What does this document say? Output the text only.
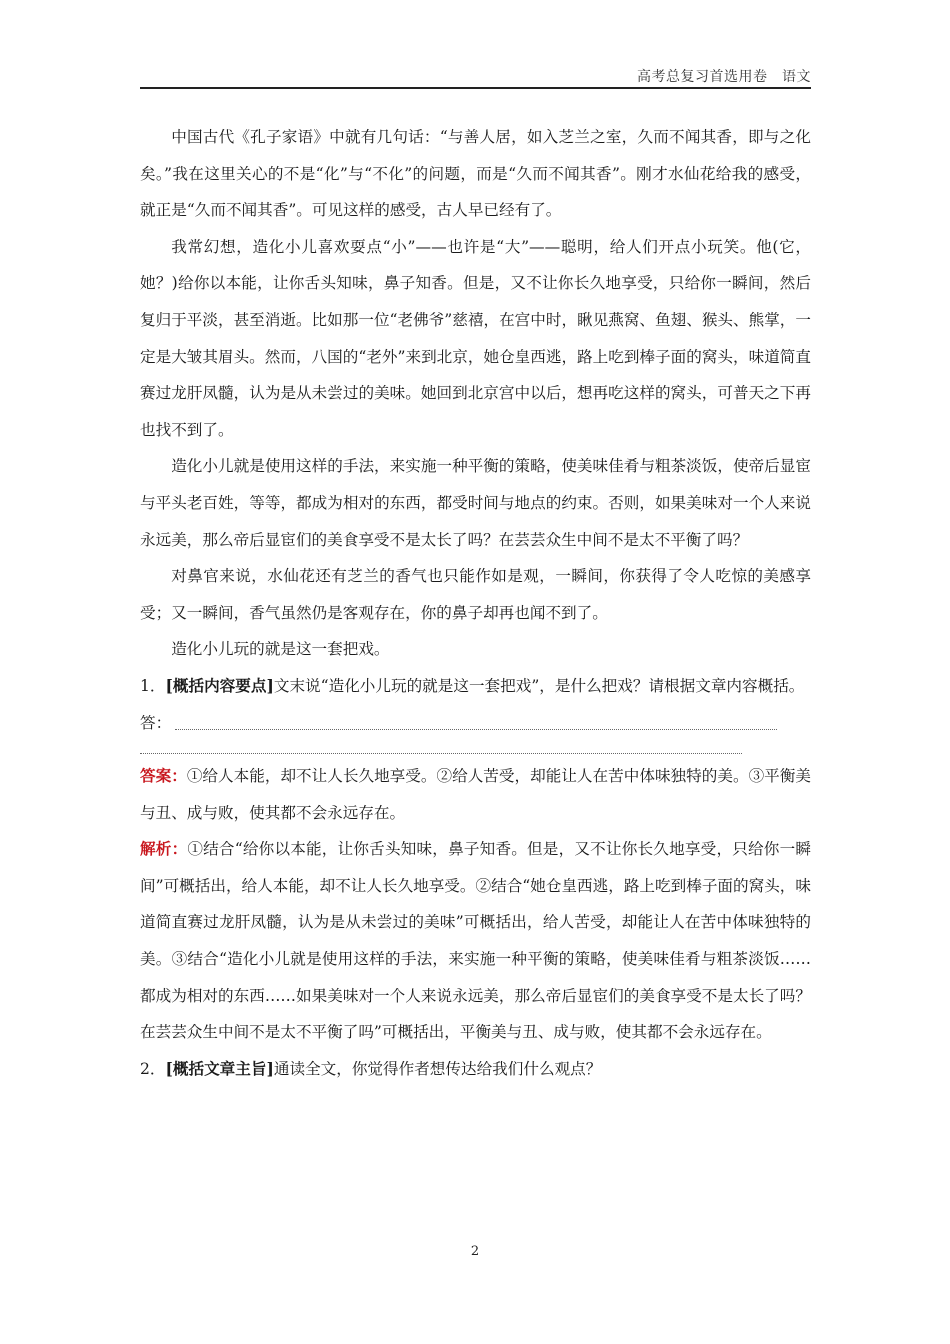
高考总复习首选用卷　语文

中国古代《孔子家语》中就有几句话：“与善人居，如入芝兰之室，久而不闻其香，即与之化矣。”我在这里关心的不是“化”与“不化”的问题，而是“久而不闻其香”。刚才水仙花给我的感受，就正是“久而不闻其香”。可见这样的感受，古人早已经有了。

我常幻想，造化小儿喜欢耍点“小”——也许是“大”——聪明，给人们开点小玩笑。他(它，她？)给你以本能，让你舌头知味，鼻子知香。但是，又不让你长久地享受，只给你一瞬间，然后复归于平淡，甚至消逝。比如那一位“老佛爷”慈禧，在宫中时，瞅见燕窝、鱼翅、猴头、熊掌，一定是大皱其眉头。然而，八国的“老外”来到北京，她仓皇西逃，路上吃到棒子面的窝头，味道简直赛过龙肝凤髓，认为是从未尝过的美味。她回到北京宫中以后，想再吃这样的窝头，可普天之下再也找不到了。

造化小儿就是使用这样的手法，来实施一种平衡的策略，使美味佳肴与粗茶淡饭，使帝后显宦与平头老百姓，等等，都成为相对的东西，都受时间与地点的约束。否则，如果美味对一个人来说永远美，那么帝后显宦们的美食享受不是太长了吗？在芸芸众生中间不是太不平衡了吗？

对鼻官来说，水仙花还有芝兰的香气也只能作如是观，一瞬间，你获得了令人吃惊的美感享受；又一瞬间，香气虽然仍是客观存在，你的鼻子却再也闻不到了。

造化小儿玩的就是这一套把戏。

1．[概括内容要点]文末说“造化小儿玩的就是这一套把戏”，是什么把戏？请根据文章内容概括。

答：

答案：①给人本能，却不让人长久地享受。②给人苦受，却能让人在苦中体味独特的美。③平衡美与丑、成与败，使其都不会永远存在。

解析：①结合“给你以本能，让你舌头知味，鼻子知香。但是，又不让你长久地享受，只给你一瞬间”可概括出，给人本能，却不让人长久地享受。②结合“她仓皇西逃，路上吃到棒子面的窝头，味道简直赛过龙肝凤髓，认为是从未尝过的美味”可概括出，给人苦受，却能让人在苦中体味独特的美。③结合“造化小儿就是使用这样的手法，来实施一种平衡的策略，使美味佳肴与粗茶淡饭……都成为相对的东西……如果美味对一个人来说永远美，那么帝后显宦们的美食享受不是太长了吗？在芸芸众生中间不是太不平衡了吗”可概括出，平衡美与丑、成与败，使其都不会永远存在。

2．[概括文章主旨]通读全文，你觉得作者想传达给我们什么观点？

2
